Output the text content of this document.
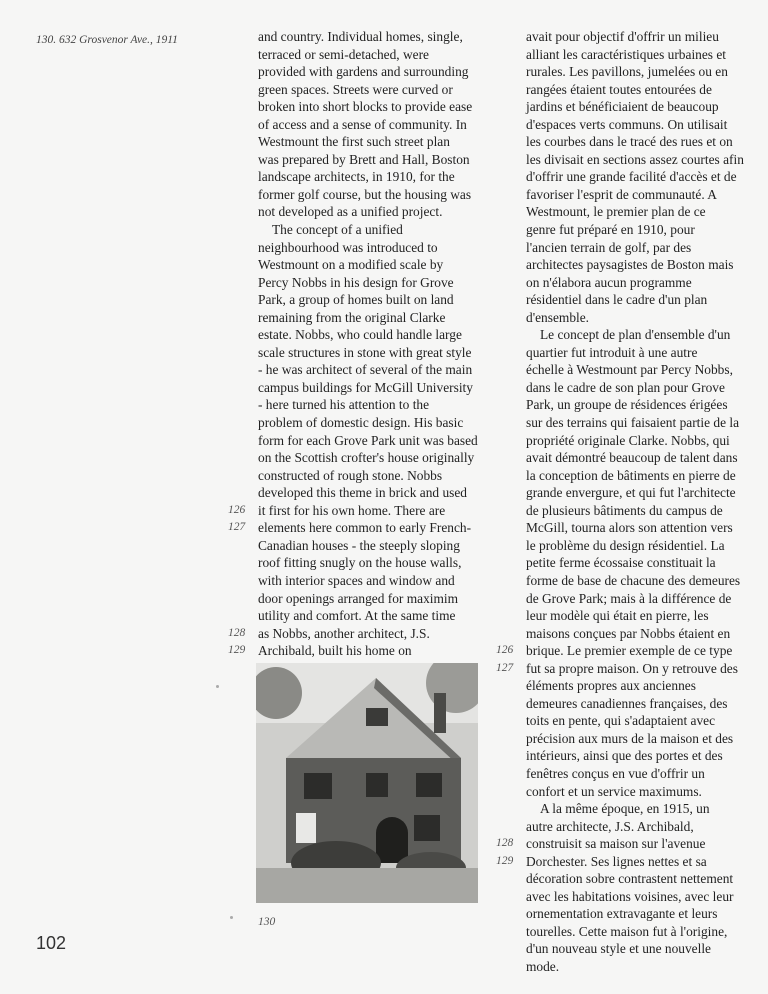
130. 632 Grosvenor Ave., 1911	and country. Individual homes, single,
terraced or semi-detached, were
provided with gardens and surrounding
green spaces. Streets were curved or
broken into short blocks to provide ease
of access and a sense of community. In
Westmount the first such street plan
was prepared by Brett and Hall, Boston
landscape architects, in 1910, for the
former golf course, but the housing was
not developed as a unified project.
The concept of a unified
neighbourhood was introduced to
Westmount on a modified scale by
Percy Nobbs in his design for Grove
Park, a group of homes built on land
remaining from the original Clarke
estate. Nobbs, who could handle large
scale structures in stone with great style
- he was architect of several of the main
campus buildings for McGill University
- here turned his attention to the
problem of domestic design. His basic
form for each Grove Park unit was based
on the Scottish crofter's house originally
constructed of rough stone. Nobbs
developed this theme in brick and used
126 it first for his own home. There are
127 elements here common to early French-
Canadian houses - the steeply sloping
roof fitting snugly on the house walls,
with interior spaces and window and
door openings arranged for maximim
utility and comfort. At the same time
128 as Nobbs, another architect, J.S.
129 Archibald, built his home on
avait pour objectif d'offrir un milieu
alliant les caractéristiques urbaines et
rurales. Les pavillons, jumelées ou en
rangées étaient toutes entourées de
jardins et bénéficiaient de beaucoup
d'espaces verts communs. On utilisait
les courbes dans le tracé des rues et on
les divisait en sections assez courtes afin
d'offrir une grande facilité d'accès et de
favoriser l'esprit de communauté. A
Westmount, le premier plan de ce
genre fut préparé en 1910, pour
l'ancien terrain de golf, par des
architectes paysagistes de Boston mais
on n'élabora aucun programme
résidentiel dans le cadre d'un plan
d'ensemble.
Le concept de plan d'ensemble d'un
quartier fut introduit à une autre
échelle à Westmount par Percy Nobbs,
dans le cadre de son plan pour Grove
Park, un groupe de résidences érigées
sur des terrains qui faisaient partie de la
propriété originale Clarke. Nobbs, qui
avait démontré beaucoup de talent dans
la conception de bâtiments en pierre de
grande envergure, et qui fut l'architecte
de plusieurs bâtiments du campus de
McGill, tourna alors son attention vers
le problème du design résidentiel. La
petite ferme écossaise constituait la
forme de base de chacune des demeures
de Grove Park; mais à la différence de
leur modèle qui était en pierre, les
maisons conçues par Nobbs étaient en
126 brique. Le premier exemple de ce type
127 fut sa propre maison. On y retrouve des
éléments propres aux anciennes
demeures canadiennes françaises, des
toits en pente, qui s'adaptaient avec
précision aux murs de la maison et des
intérieurs, ainsi que des portes et des
fenêtres conçus en vue d'offrir un
confort et un service maximums.
A la même époque, en 1915, un
autre architecte, J.S. Archibald,
128 construisit sa maison sur l'avenue
129 Dorchester. Ses lignes nettes et sa
décoration sobre contrastent nettement
avec les habitations voisines, avec leur
ornementation extravagante et leurs
tourelles. Cette maison fut à l'origine,
d'un nouveau style et une nouvelle
mode.
130
102
